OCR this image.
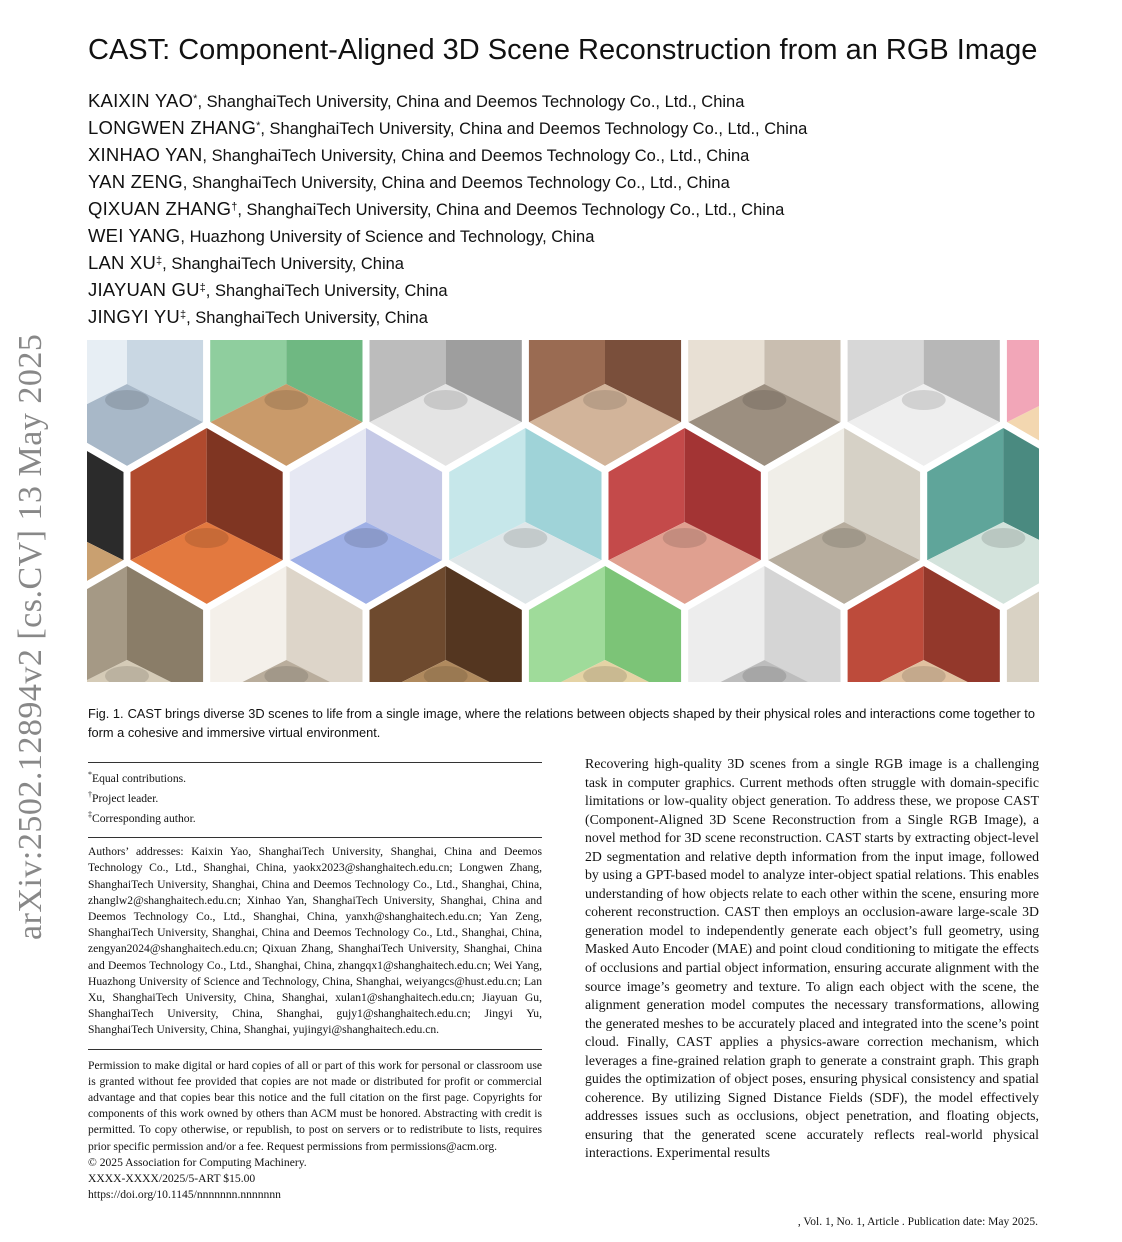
arXiv:2502.12894v2 [cs.CV] 13 May 2025
CAST: Component-Aligned 3D Scene Reconstruction from an RGB Image
KAIXIN YAO*, ShanghaiTech University, China and Deemos Technology Co., Ltd., China
LONGWEN ZHANG*, ShanghaiTech University, China and Deemos Technology Co., Ltd., China
XINHAO YAN, ShanghaiTech University, China and Deemos Technology Co., Ltd., China
YAN ZENG, ShanghaiTech University, China and Deemos Technology Co., Ltd., China
QIXUAN ZHANG†, ShanghaiTech University, China and Deemos Technology Co., Ltd., China
WEI YANG, Huazhong University of Science and Technology, China
LAN XU‡, ShanghaiTech University, China
JIAYUAN GU‡, ShanghaiTech University, China
JINGYI YU‡, ShanghaiTech University, China
Fig. 1. CAST brings diverse 3D scenes to life from a single image, where the relations between objects shaped by their physical roles and interactions come together to form a cohesive and immersive virtual environment.
*Equal contributions.
†Project leader.
‡Corresponding author.
Authors’ addresses: Kaixin Yao, ShanghaiTech University, Shanghai, China and Deemos Technology Co., Ltd., Shanghai, China, yaokx2023@shanghaitech.edu.cn; Longwen Zhang, ShanghaiTech University, Shanghai, China and Deemos Technology Co., Ltd., Shanghai, China, zhanglw2@shanghaitech.edu.cn; Xinhao Yan, ShanghaiTech University, Shanghai, China and Deemos Technology Co., Ltd., Shanghai, China, yanxh@shanghaitech.edu.cn; Yan Zeng, ShanghaiTech University, Shanghai, China and Deemos Technology Co., Ltd., Shanghai, China, zengyan2024@shanghaitech.edu.cn; Qixuan Zhang, ShanghaiTech University, Shanghai, China and Deemos Technology Co., Ltd., Shanghai, China, zhangqx1@shanghaitech.edu.cn; Wei Yang, Huazhong University of Science and Technology, China, Shanghai, weiyangcs@hust.edu.cn; Lan Xu, ShanghaiTech University, China, Shanghai, xulan1@shanghaitech.edu.cn; Jiayuan Gu, ShanghaiTech University, China, Shanghai, gujy1@shanghaitech.edu.cn; Jingyi Yu, ShanghaiTech University, China, Shanghai, yujingyi@shanghaitech.edu.cn.
Permission to make digital or hard copies of all or part of this work for personal or classroom use is granted without fee provided that copies are not made or distributed for profit or commercial advantage and that copies bear this notice and the full citation on the first page. Copyrights for components of this work owned by others than ACM must be honored. Abstracting with credit is permitted. To copy otherwise, or republish, to post on servers or to redistribute to lists, requires prior specific permission and/or a fee. Request permissions from permissions@acm.org.
© 2025 Association for Computing Machinery.
XXXX-XXXX/2025/5-ART $15.00
https://doi.org/10.1145/nnnnnnn.nnnnnnn

Recovering high-quality 3D scenes from a single RGB image is a challenging task in computer graphics. Current methods often struggle with domain-specific limitations or low-quality object generation. To address these, we propose CAST (Component-Aligned 3D Scene Reconstruction from a Single RGB Image), a novel method for 3D scene reconstruction. CAST starts by extracting object-level 2D segmentation and relative depth information from the input image, followed by using a GPT-based model to analyze inter-object spatial relations. This enables understanding of how objects relate to each other within the scene, ensuring more coherent reconstruction. CAST then employs an occlusion-aware large-scale 3D generation model to independently generate each object’s full geometry, using Masked Auto Encoder (MAE) and point cloud conditioning to mitigate the effects of occlusions and partial object information, ensuring accurate alignment with the source image’s geometry and texture. To align each object with the scene, the alignment generation model computes the necessary transformations, allowing the generated meshes to be accurately placed and integrated into the scene’s point cloud. Finally, CAST applies a physics-aware correction mechanism, which leverages a fine-grained relation graph to generate a constraint graph. This graph guides the optimization of object poses, ensuring physical consistency and spatial coherence. By utilizing Signed Distance Fields (SDF), the model effectively addresses issues such as occlusions, object penetration, and floating objects, ensuring that the generated scene accurately reflects real-world physical interactions. Experimental results

, Vol. 1, No. 1, Article . Publication date: May 2025.
